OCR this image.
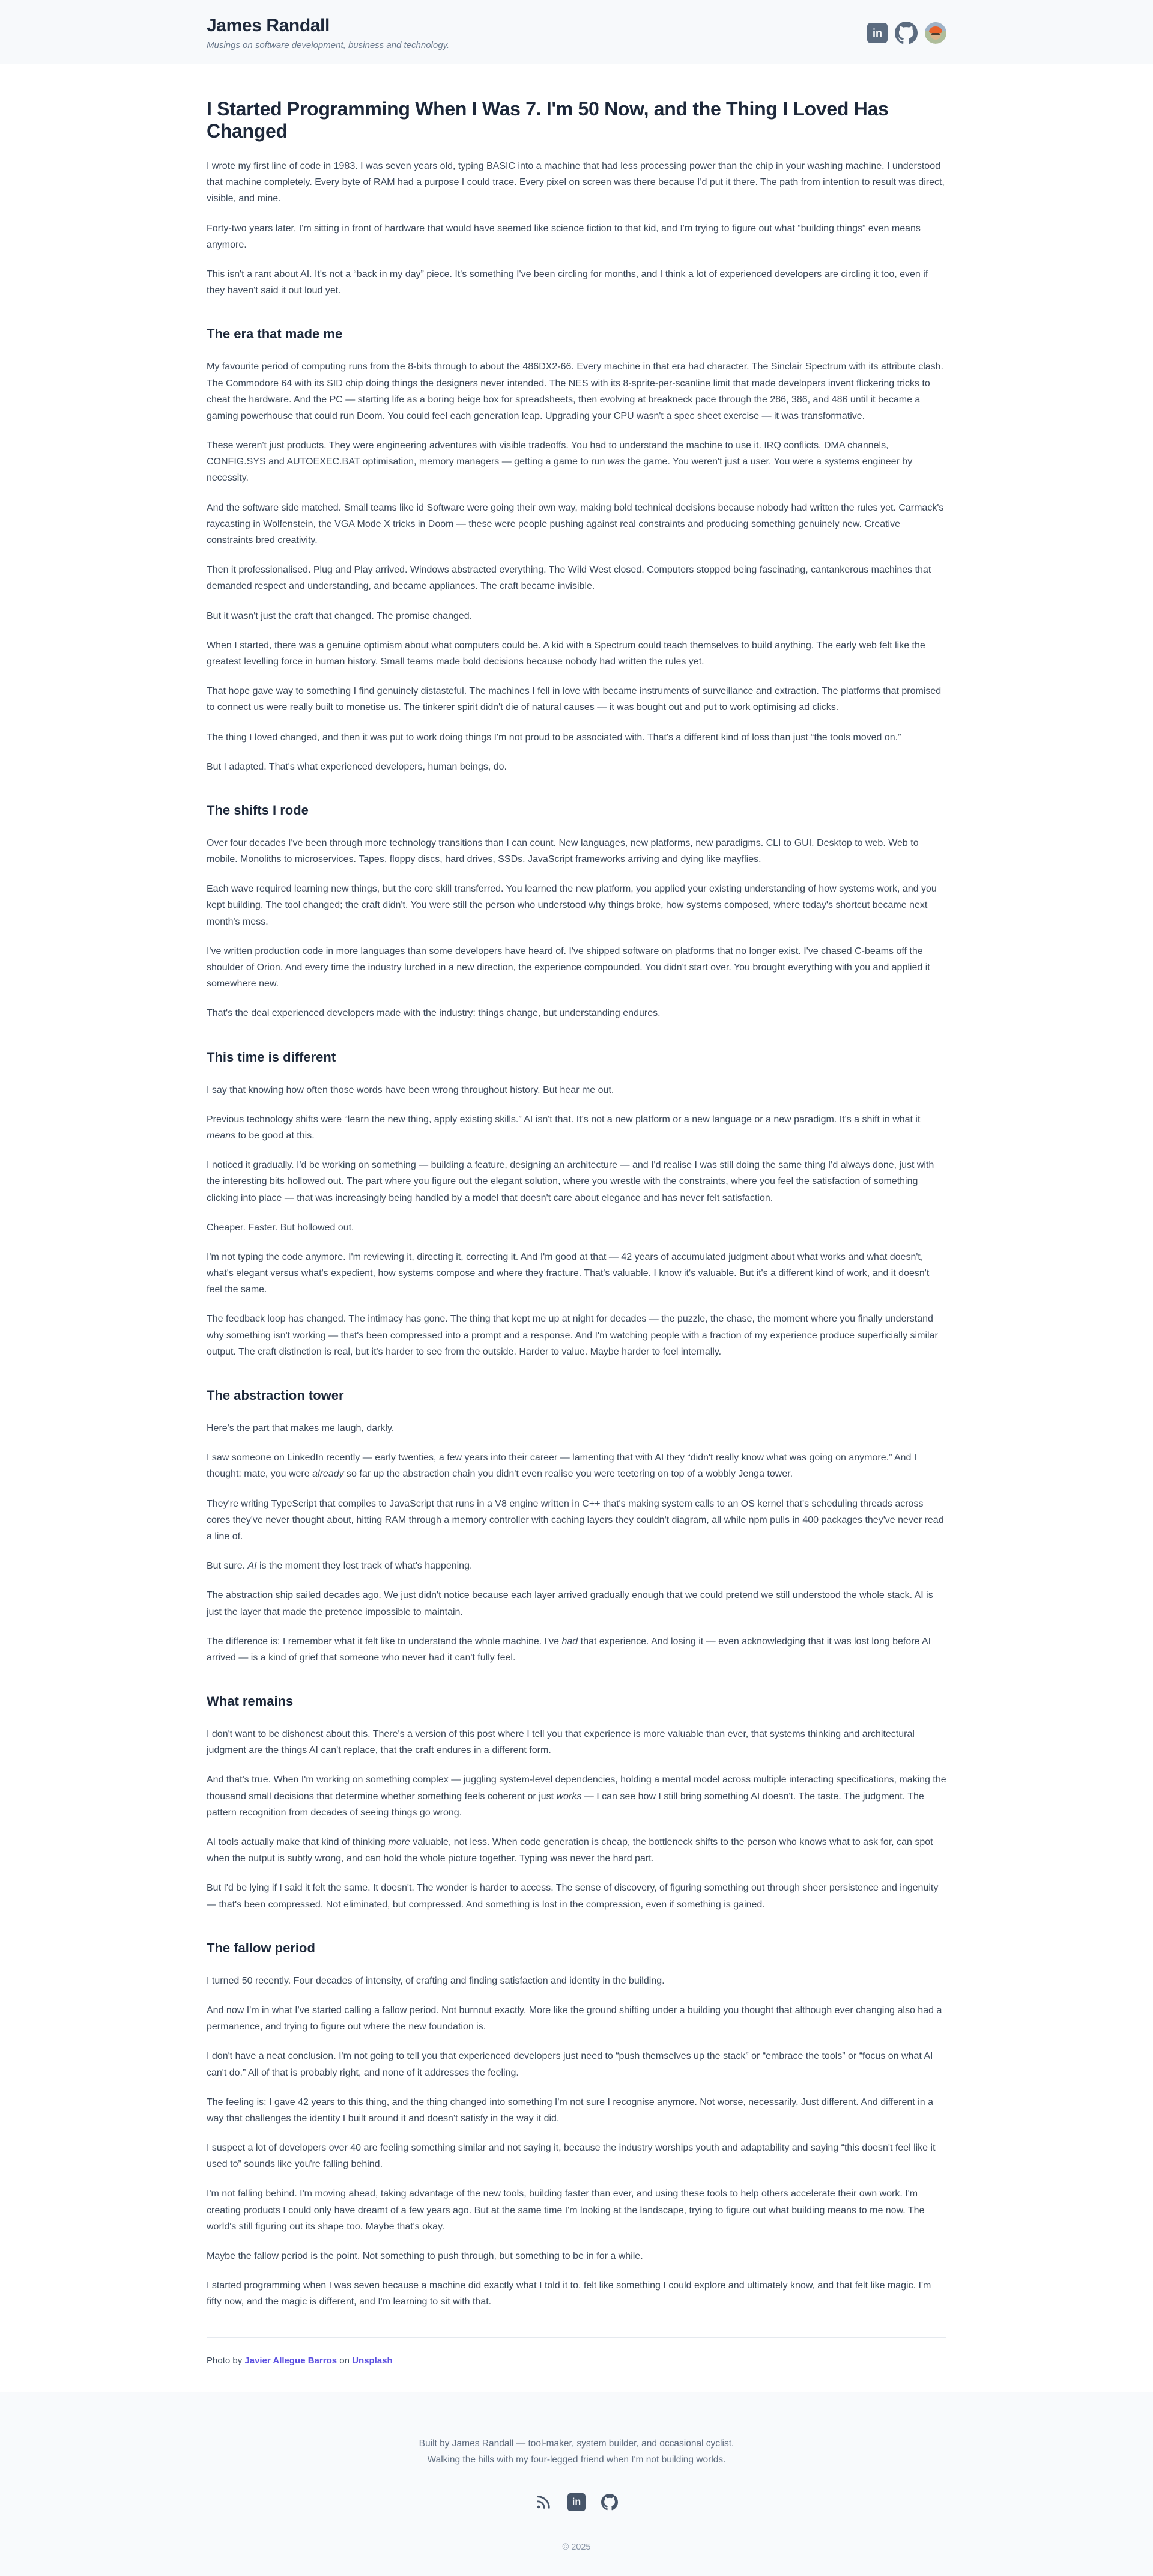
James Randall
Musings on software development, business and technology.
in
I Started Programming When I Was 7. I'm 50 Now, and the Thing I Loved Has Changed

I wrote my first line of code in 1983. I was seven years old, typing BASIC into a machine that had less processing power than the chip in your washing machine. I understood that machine completely. Every byte of RAM had a purpose I could trace. Every pixel on screen was there because I'd put it there. The path from intention to result was direct, visible, and mine.

Forty-two years later, I'm sitting in front of hardware that would have seemed like science fiction to that kid, and I'm trying to figure out what “building things” even means anymore.

This isn't a rant about AI. It's not a “back in my day” piece. It's something I've been circling for months, and I think a lot of experienced developers are circling it too, even if they haven't said it out loud yet.

The era that made me

My favourite period of computing runs from the 8-bits through to about the 486DX2-66. Every machine in that era had character. The Sinclair Spectrum with its attribute clash. The Commodore 64 with its SID chip doing things the designers never intended. The NES with its 8-sprite-per-scanline limit that made developers invent flickering tricks to cheat the hardware. And the PC — starting life as a boring beige box for spreadsheets, then evolving at breakneck pace through the 286, 386, and 486 until it became a gaming powerhouse that could run Doom. You could feel each generation leap. Upgrading your CPU wasn't a spec sheet exercise — it was transformative.

These weren't just products. They were engineering adventures with visible tradeoffs. You had to understand the machine to use it. IRQ conflicts, DMA channels, CONFIG.SYS and AUTOEXEC.BAT optimisation, memory managers — getting a game to run was the game. You weren't just a user. You were a systems engineer by necessity.

And the software side matched. Small teams like id Software were going their own way, making bold technical decisions because nobody had written the rules yet. Carmack's raycasting in Wolfenstein, the VGA Mode X tricks in Doom — these were people pushing against real constraints and producing something genuinely new. Creative constraints bred creativity.

Then it professionalised. Plug and Play arrived. Windows abstracted everything. The Wild West closed. Computers stopped being fascinating, cantankerous machines that demanded respect and understanding, and became appliances. The craft became invisible.

But it wasn't just the craft that changed. The promise changed.

When I started, there was a genuine optimism about what computers could be. A kid with a Spectrum could teach themselves to build anything. The early web felt like the greatest levelling force in human history. Small teams made bold decisions because nobody had written the rules yet.

That hope gave way to something I find genuinely distasteful. The machines I fell in love with became instruments of surveillance and extraction. The platforms that promised to connect us were really built to monetise us. The tinkerer spirit didn't die of natural causes — it was bought out and put to work optimising ad clicks.

The thing I loved changed, and then it was put to work doing things I'm not proud to be associated with. That's a different kind of loss than just “the tools moved on.”

But I adapted. That's what experienced developers, human beings, do.

The shifts I rode

Over four decades I've been through more technology transitions than I can count. New languages, new platforms, new paradigms. CLI to GUI. Desktop to web. Web to mobile. Monoliths to microservices. Tapes, floppy discs, hard drives, SSDs. JavaScript frameworks arriving and dying like mayflies.

Each wave required learning new things, but the core skill transferred. You learned the new platform, you applied your existing understanding of how systems work, and you kept building. The tool changed; the craft didn't. You were still the person who understood why things broke, how systems composed, where today's shortcut became next month's mess.

I've written production code in more languages than some developers have heard of. I've shipped software on platforms that no longer exist. I've chased C-beams off the shoulder of Orion. And every time the industry lurched in a new direction, the experience compounded. You didn't start over. You brought everything with you and applied it somewhere new.

That's the deal experienced developers made with the industry: things change, but understanding endures.

This time is different

I say that knowing how often those words have been wrong throughout history. But hear me out.

Previous technology shifts were “learn the new thing, apply existing skills.” AI isn't that. It's not a new platform or a new language or a new paradigm. It's a shift in what it means to be good at this.

I noticed it gradually. I'd be working on something — building a feature, designing an architecture — and I'd realise I was still doing the same thing I'd always done, just with the interesting bits hollowed out. The part where you figure out the elegant solution, where you wrestle with the constraints, where you feel the satisfaction of something clicking into place — that was increasingly being handled by a model that doesn't care about elegance and has never felt satisfaction.

Cheaper. Faster. But hollowed out.

I'm not typing the code anymore. I'm reviewing it, directing it, correcting it. And I'm good at that — 42 years of accumulated judgment about what works and what doesn't, what's elegant versus what's expedient, how systems compose and where they fracture. That's valuable. I know it's valuable. But it's a different kind of work, and it doesn't feel the same.

The feedback loop has changed. The intimacy has gone. The thing that kept me up at night for decades — the puzzle, the chase, the moment where you finally understand why something isn't working — that's been compressed into a prompt and a response. And I'm watching people with a fraction of my experience produce superficially similar output. The craft distinction is real, but it's harder to see from the outside. Harder to value. Maybe harder to feel internally.

The abstraction tower

Here's the part that makes me laugh, darkly.

I saw someone on LinkedIn recently — early twenties, a few years into their career — lamenting that with AI they “didn't really know what was going on anymore.” And I thought: mate, you were already so far up the abstraction chain you didn't even realise you were teetering on top of a wobbly Jenga tower.

They're writing TypeScript that compiles to JavaScript that runs in a V8 engine written in C++ that's making system calls to an OS kernel that's scheduling threads across cores they've never thought about, hitting RAM through a memory controller with caching layers they couldn't diagram, all while npm pulls in 400 packages they've never read a line of.

But sure. AI is the moment they lost track of what's happening.

The abstraction ship sailed decades ago. We just didn't notice because each layer arrived gradually enough that we could pretend we still understood the whole stack. AI is just the layer that made the pretence impossible to maintain.

The difference is: I remember what it felt like to understand the whole machine. I've had that experience. And losing it — even acknowledging that it was lost long before AI arrived — is a kind of grief that someone who never had it can't fully feel.

What remains

I don't want to be dishonest about this. There's a version of this post where I tell you that experience is more valuable than ever, that systems thinking and architectural judgment are the things AI can't replace, that the craft endures in a different form.

And that's true. When I'm working on something complex — juggling system-level dependencies, holding a mental model across multiple interacting specifications, making the thousand small decisions that determine whether something feels coherent or just works — I can see how I still bring something AI doesn't. The taste. The judgment. The pattern recognition from decades of seeing things go wrong.

AI tools actually make that kind of thinking more valuable, not less. When code generation is cheap, the bottleneck shifts to the person who knows what to ask for, can spot when the output is subtly wrong, and can hold the whole picture together. Typing was never the hard part.

But I'd be lying if I said it felt the same. It doesn't. The wonder is harder to access. The sense of discovery, of figuring something out through sheer persistence and ingenuity — that's been compressed. Not eliminated, but compressed. And something is lost in the compression, even if something is gained.

The fallow period

I turned 50 recently. Four decades of intensity, of crafting and finding satisfaction and identity in the building.

And now I'm in what I've started calling a fallow period. Not burnout exactly. More like the ground shifting under a building you thought that although ever changing also had a permanence, and trying to figure out where the new foundation is.

I don't have a neat conclusion. I'm not going to tell you that experienced developers just need to “push themselves up the stack” or “embrace the tools” or “focus on what AI can't do.” All of that is probably right, and none of it addresses the feeling.

The feeling is: I gave 42 years to this thing, and the thing changed into something I'm not sure I recognise anymore. Not worse, necessarily. Just different. And different in a way that challenges the identity I built around it and doesn't satisfy in the way it did.

I suspect a lot of developers over 40 are feeling something similar and not saying it, because the industry worships youth and adaptability and saying “this doesn't feel like it used to” sounds like you're falling behind.

I'm not falling behind. I'm moving ahead, taking advantage of the new tools, building faster than ever, and using these tools to help others accelerate their own work. I'm creating products I could only have dreamt of a few years ago. But at the same time I'm looking at the landscape, trying to figure out what building means to me now. The world's still figuring out its shape too. Maybe that's okay.

Maybe the fallow period is the point. Not something to push through, but something to be in for a while.

I started programming when I was seven because a machine did exactly what I told it to, felt like something I could explore and ultimately know, and that felt like magic. I'm fifty now, and the magic is different, and I'm learning to sit with that.

Photo by Javier Allegue Barros on Unsplash

Built by James Randall — tool-maker, system builder, and occasional cyclist.
Walking the hills with my four-legged friend when I'm not building worlds.
in
© 2025
